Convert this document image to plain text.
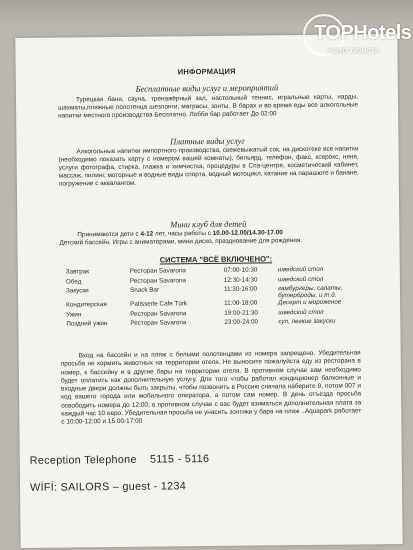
ИНФОРМАЦИЯ
Бесплатные виды услуг и мероприятий

Турецкая баня, сауна, тренажёрный зал, настольный теннис, игральные карты, нарды, шахматы,пляжные полотенца шезлонги, матрасы, зонты. В барах и во время еды все алкогольные напитки местного производства Бесплатно. Лобби бар работает До 02:00

Платные виды услуг

Алкогольные напитки импортного производства, свежевыжатый сок, на дискотеке все напитки (необходимо показать карту с номером вашей комнаты), бильярд, телефон, факс, ксерокс, няня, услуги фотографа, стирка, глажка и химчистка, процедуры в Спа-центре, косметический кабинет, массаж, пилинг, моторные и водные виды спорта, водный мотоцикл, катание на парашюте и банане, погружение с аквалангом.

Мини клуб для детей

Принимаются дети с 4-12 лет, часы работы с 10.00-12.00/14.30-17.00

Детский бассейн. Игры с аниматорами, мини диско, празднование для рождения.
СИСТЕМА "ВСЁ ВКЛЮЧЕНО":
Завтрак	Ресторан Savarona	07:00-10:30	шведский стол
Обед	Ресторан Savarona	12:30-14:30	шведский стол
Закуски	Snack Bar	11:30-16:00	гамбургеры, салаты, бутерброды, и т.д.
Кондитерская	Patisserie Cafe Türk	11:00-18:00	Десерт и мороженое
Ужин	Ресторан Savarona	19:00-21:30	шведский стол
Поздний ужин	Ресторан Savarona	23:00-24:00	суп, легкие закуски

Вход на бассейн и на пляж с белыми полотенцами из номера запрещено. Убедительная просьба не кормить животных на территории отеля. Не выносите пожалуйста еду из ресторана в номер, к бассейну и в другие бары на территории отеля. В противном случае вам необходимо будет оплатить как дополнительную услугу. Для того чтобы работал кондиционер балконные и входные двери должны быть закрыты. чтобы позвонить в Россию сначала наберите 9, потом 007 и код вашего города или мобильного оператора, а потом сам номер. В день отъезда просьба освободить номера до 12:00, в противном случае с вас будет взиматься дополнительная плата за каждый час 10 евро. Убедительная просьба не унасить зонтики у бара на пляж ..Aquapark работает с 10:00-12:00 и 15:00-17:00

Reception Telephone 5115 - 5116
WİFİ: SAILORS – guest - 1234
TOPHotels
ФОТО ТУРИСТА
